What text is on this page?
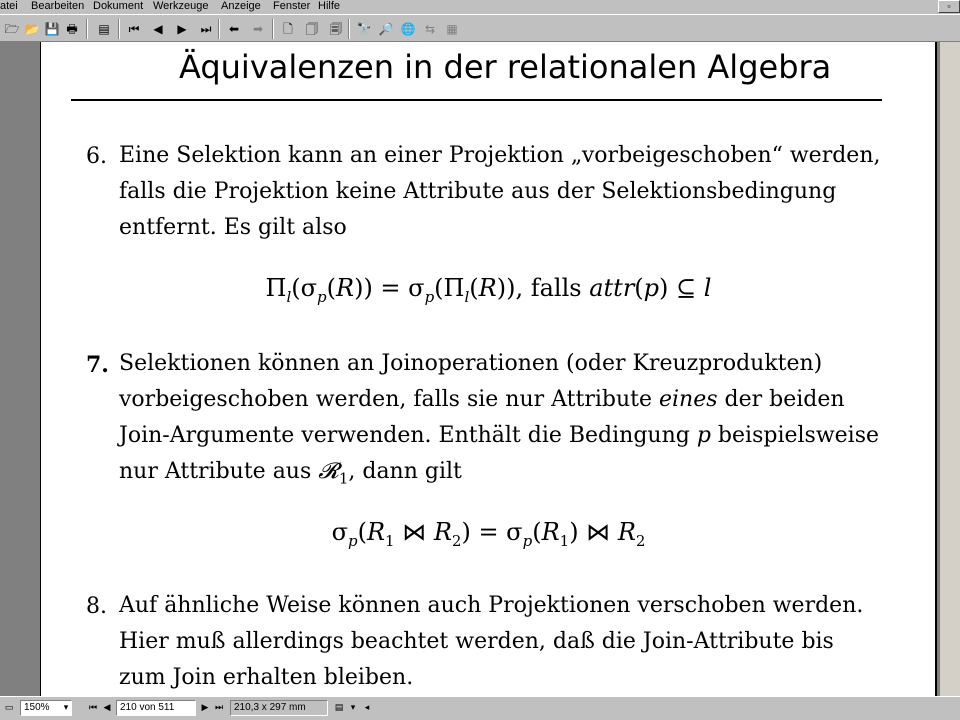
atei Bearbeiten Dokument Werkzeuge Anzeige Fenster Hilfe	▫
🗁 📂 💾 🖶	▤	⏮	◀	▶	⏭	⬅	➡	🗋	🗍	🗐	🔭 🔎 🌐 ⇆ ▦
Äquivalenzen in der relationalen Algebra
6. Eine Selektion kann an einer Projektion „vorbeigeschoben“ werden,
falls die Projektion keine Attribute aus der Selektionsbedingung
entfernt. Es gilt also
$\Pi_l(\sigma_p(R)) = \sigma_p(\Pi_l(R))$, falls attr(p) ⊆ l
7. Selektionen können an Joinoperationen (oder Kreuzprodukten)
vorbeigeschoben werden, falls sie nur Attribute eines der beiden
Join-Argumente verwenden. Enthält die Bedingung p beispielsweise
nur Attribute aus 𝓡$_1$, dann gilt
$\sigma_p(R_1$ ⋈ $R_2) = \sigma_p(R_1)$ ⋈ $R_2$
8. Auf ähnliche Weise können auch Projektionen verschoben werden.
Hier muß allerdings beachtet werden, daß die Join-Attribute bis
zum Join erhalten bleiben.
▭	150%	▾	⏮ ◀ 210 von 511	▶ ⏭	210,3 x 297 mm	▤ ▾	◂
